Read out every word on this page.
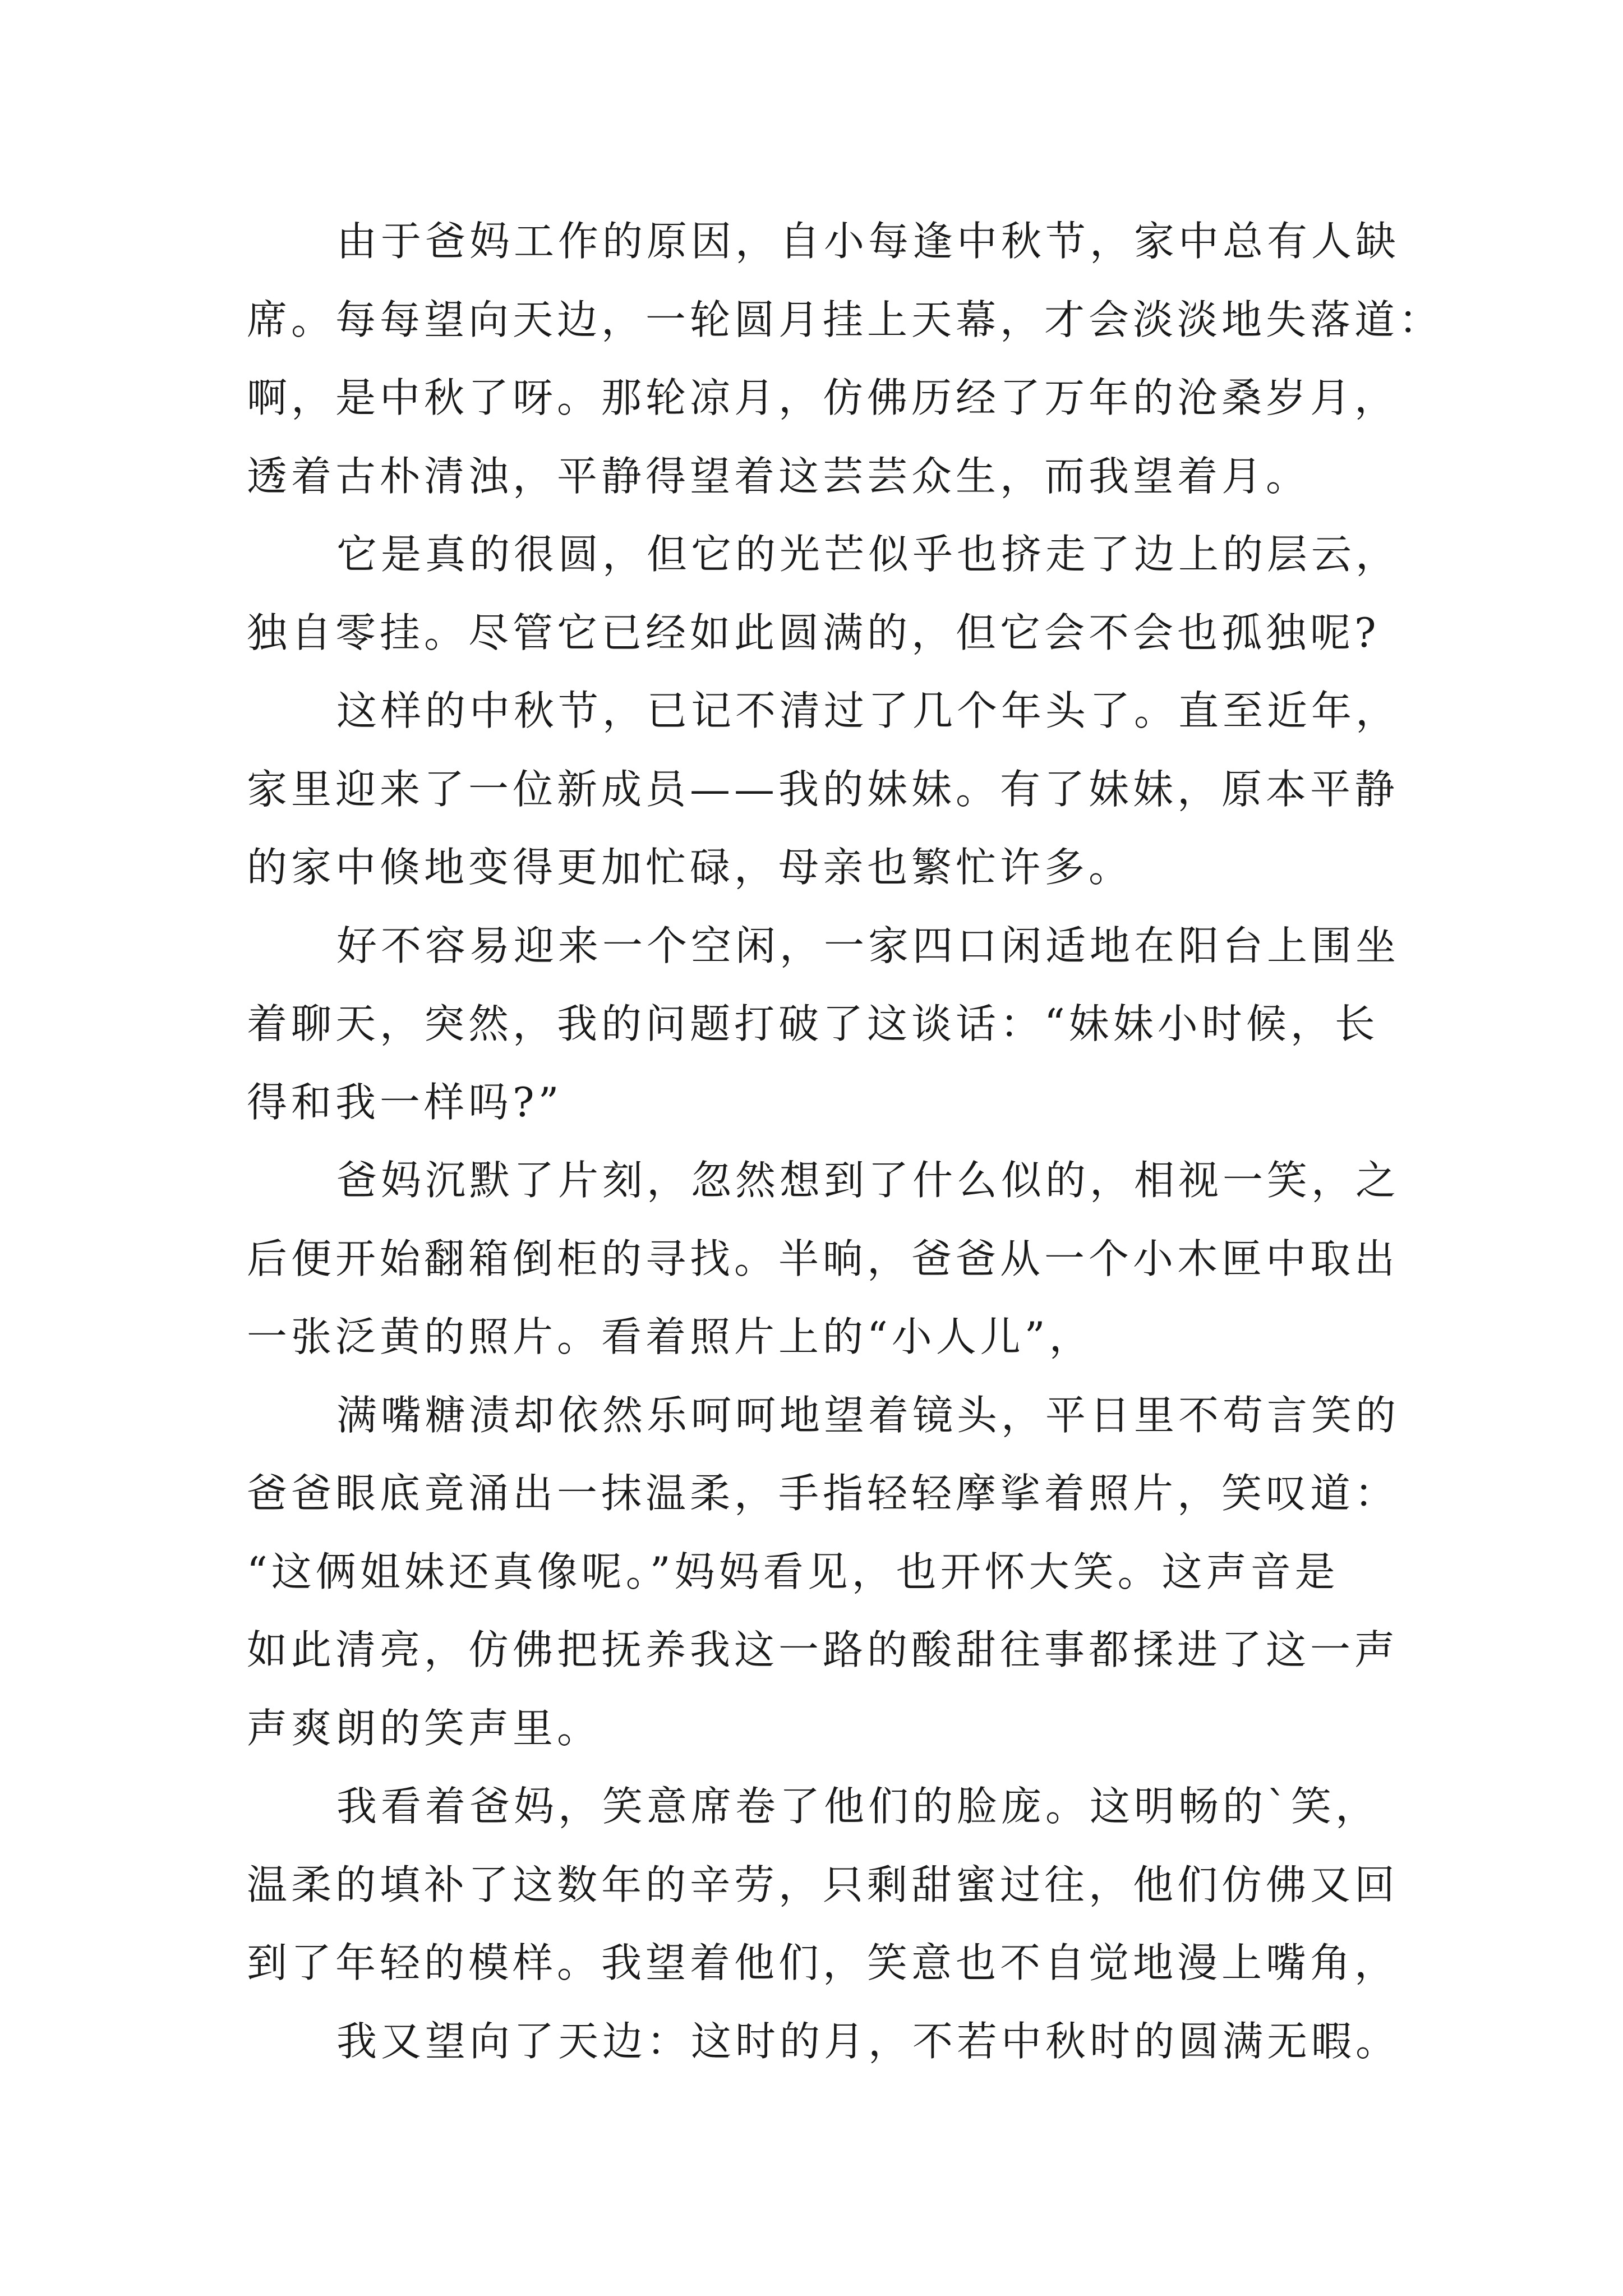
由于爸妈工作的原因，自小每逢中秋节，家中总有人缺
席。每每望向天边，一轮圆月挂上天幕，才会淡淡地失落道：
啊，是中秋了呀。那轮凉月，仿佛历经了万年的沧桑岁月，
透着古朴清浊，平静得望着这芸芸众生，而我望着月。
它是真的很圆，但它的光芒似乎也挤走了边上的层云，
独自零挂。尽管它已经如此圆满的，但它会不会也孤独呢?
这样的中秋节，已记不清过了几个年头了。直至近年，
家里迎来了一位新成员——我的妹妹。有了妹妹，原本平静
的家中倏地变得更加忙碌，母亲也繁忙许多。
好不容易迎来一个空闲，一家四口闲适地在阳台上围坐
着聊天，突然，我的问题打破了这谈话：“妹妹小时候，长
得和我一样吗?”
爸妈沉默了片刻，忽然想到了什么似的，相视一笑，之
后便开始翻箱倒柜的寻找。半晌，爸爸从一个小木匣中取出
一张泛黄的照片。看着照片上的“小人儿”，
满嘴糖渍却依然乐呵呵地望着镜头，平日里不苟言笑的
爸爸眼底竟涌出一抹温柔，手指轻轻摩挲着照片，笑叹道：
“这俩姐妹还真像呢。”妈妈看见，也开怀大笑。这声音是
如此清亮，仿佛把抚养我这一路的酸甜往事都揉进了这一声
声爽朗的笑声里。
我看着爸妈，笑意席卷了他们的脸庞。这明畅的`笑，
温柔的填补了这数年的辛劳，只剩甜蜜过往，他们仿佛又回
到了年轻的模样。我望着他们，笑意也不自觉地漫上嘴角，
我又望向了天边：这时的月，不若中秋时的圆满无暇。
